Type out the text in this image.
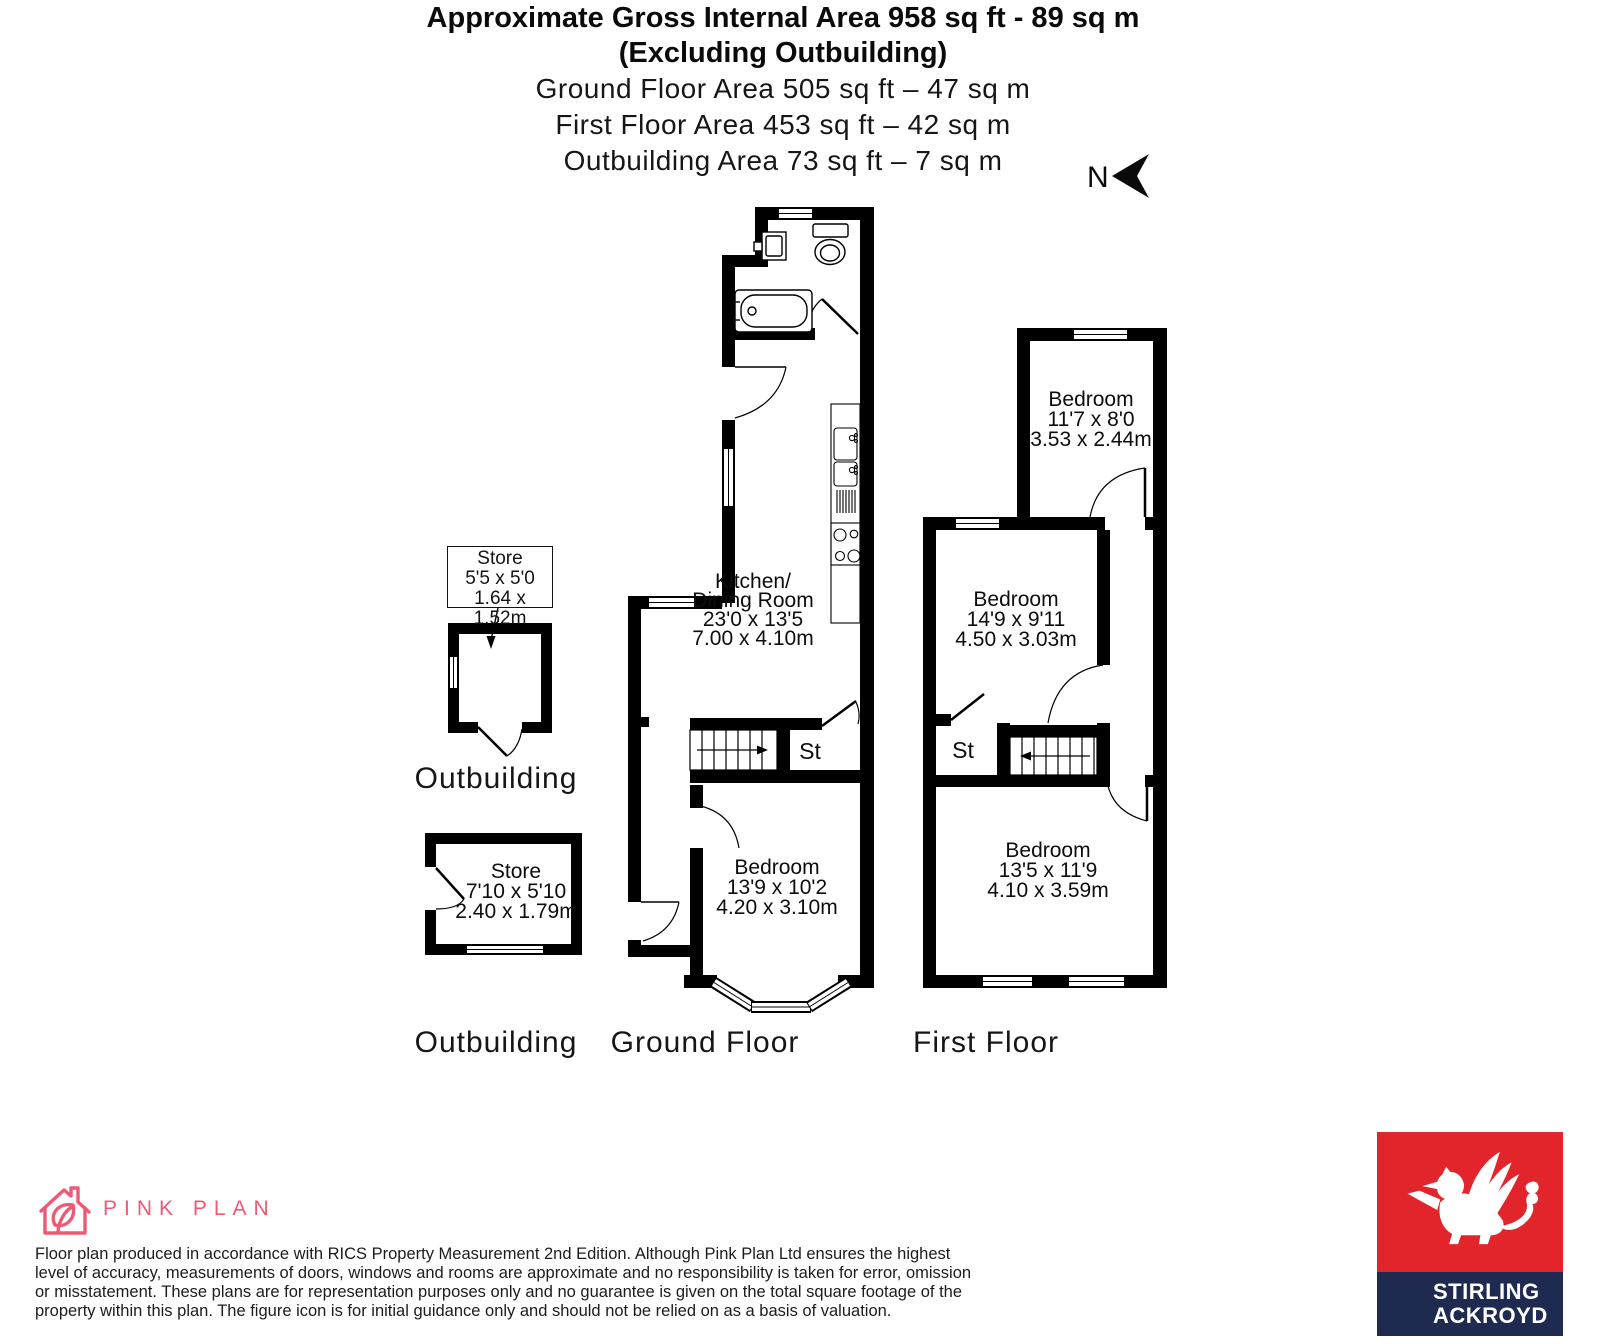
Approximate Gross Internal Area 958 sq ft - 89 sq m
(Excluding Outbuilding)
Ground Floor Area 505 sq ft – 47 sq m
First Floor Area 453 sq ft – 42 sq m
Outbuilding Area 73 sq ft – 7 sq m
N
Store
5'5 x 5'0
1.64 x 1.52m
Outbuilding
Store
7'10 x 5'10
2.40 x 1.79m
Outbuilding
Kitchen/
Dining Room
23'0 x 13'5
7.00 x 4.10m
St
Bedroom
13'9 x 10'2
4.20 x 3.10m
Ground Floor
Bedroom
11'7 x 8'0
3.53 x 2.44m
Bedroom
14'9 x 9'11
4.50 x 3.03m
St
Bedroom
13'5 x 11'9
4.10 x 3.59m
First Floor
PINK PLAN
Floor plan produced in accordance with RICS Property Measurement 2nd Edition. Although Pink Plan Ltd ensures the highest
level of accuracy, measurements of doors, windows and rooms are approximate and no responsibility is taken for error, omission
or misstatement. These plans are for representation purposes only and no guarantee is given on the total square footage of the
property within this plan. The figure icon is for initial guidance only and should not be relied on as a basis of valuation.
STIRLING
ACKROYD
